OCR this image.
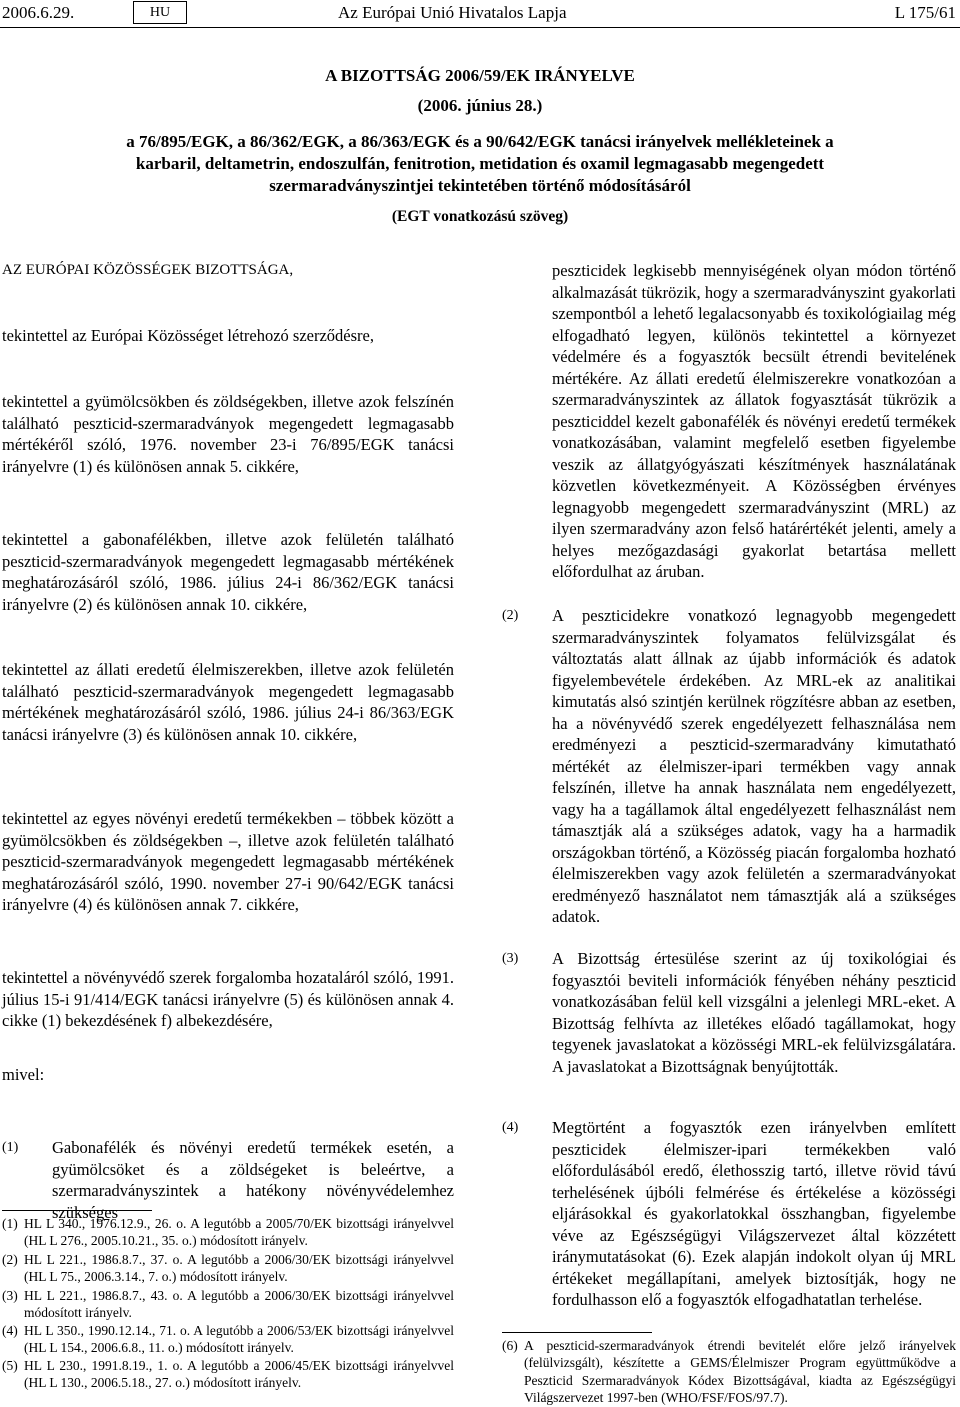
2006.6.29.	HU	Az Európai Unió Hivatalos Lapja	L 175/61
A BIZOTTSÁG 2006/59/EK IRÁNYELVE
(2006. június 28.)
a 76/895/EGK, a 86/362/EGK, a 86/363/EGK és a 90/642/EGK tanácsi irányelvek mellékleteinek a
karbaril, deltametrin, endoszulfán, fenitrotion, metidation és oxamil legmagasabb megengedett
szermaradványszintjei tekintetében történő módosításáról
(EGT vonatkozású szöveg)
AZ EURÓPAI KÖZÖSSÉGEK BIZOTTSÁGA,
tekintettel az Európai Közösséget létrehozó szerződésre,
tekintettel a gyümölcsökben és zöldségekben, illetve azok felszínén található peszticid-szermaradványok megengedett legmagasabb mértékéről szóló, 1976. november 23-i 76/895/EGK tanácsi irányelvre (1) és különösen annak 5. cikkére,
tekintettel a gabonafélékben, illetve azok felületén található peszticid-szermaradványok megengedett legmagasabb mértékének meghatározásáról szóló, 1986. július 24-i 86/362/EGK tanácsi irányelvre (2) és különösen annak 10. cikkére,
tekintettel az állati eredetű élelmiszerekben, illetve azok felületén található peszticid-szermaradványok megengedett legmagasabb mértékének meghatározásáról szóló, 1986. július 24-i 86/363/EGK tanácsi irányelvre (3) és különösen annak 10. cikkére,
tekintettel az egyes növényi eredetű termékekben – többek között a gyümölcsökben és zöldségekben –, illetve azok felületén található peszticid-szermaradványok megengedett legmagasabb mértékének meghatározásáról szóló, 1990. november 27-i 90/642/EGK tanácsi irányelvre (4) és különösen annak 7. cikkére,
tekintettel a növényvédő szerek forgalomba hozataláról szóló, 1991. július 15-i 91/414/EGK tanácsi irányelvre (5) és különösen annak 4. cikke (1) bekezdésének f) albekezdésére,
mivel:
(1) Gabonafélék és növényi eredetű termékek esetén, a gyümölcsöket és a zöldségeket is beleértve, a szermaradványszintek a hatékony növényvédelemhez szükséges
(1) HL L 340., 1976.12.9., 26. o. A legutóbb a 2005/70/EK bizottsági irányelvvel (HL L 276., 2005.10.21., 35. o.) módosított irányelv.
(2) HL L 221., 1986.8.7., 37. o. A legutóbb a 2006/30/EK bizottsági irányelvvel (HL L 75., 2006.3.14., 7. o.) módosított irányelv.
(3) HL L 221., 1986.8.7., 43. o. A legutóbb a 2006/30/EK bizottsági irányelvvel módosított irányelv.
(4) HL L 350., 1990.12.14., 71. o. A legutóbb a 2006/53/EK bizottsági irányelvvel (HL L 154., 2006.6.8., 11. o.) módosított irányelv.
(5) HL L 230., 1991.8.19., 1. o. A legutóbb a 2006/45/EK bizottsági irányelvvel (HL L 130., 2006.5.18., 27. o.) módosított irányelv.
peszticidek legkisebb mennyiségének olyan módon történő alkalmazását tükrözik, hogy a szermaradványszint gyakorlati szempontból a lehető legalacsonyabb és toxikológiailag még elfogadható legyen, különös tekintettel a környezet védelmére és a fogyasztók becsült étrendi bevitelének mértékére. Az állati eredetű élelmiszerekre vonatkozóan a szermaradványszintek az állatok fogyasztását tükrözik a peszticiddel kezelt gabonafélék és növényi eredetű termékek vonatkozásában, valamint megfelelő esetben figyelembe veszik az állatgyógyászati készítmények használatának közvetlen következményeit. A Közösségben érvényes legnagyobb megengedett szermaradványszint (MRL) az ilyen szermaradvány azon felső határértékét jelenti, amely a helyes mezőgazdasági gyakorlat betartása mellett előfordulhat az áruban.
(2) A peszticidekre vonatkozó legnagyobb megengedett szermaradványszintek folyamatos felülvizsgálat és változtatás alatt állnak az újabb információk és adatok figyelembevétele érdekében. Az MRL-ek az analitikai kimutatás alsó szintjén kerülnek rögzítésre abban az esetben, ha a növényvédő szerek engedélyezett felhasználása nem eredményezi a peszticid-szermaradvány kimutatható mértékét az élelmiszer-ipari termékben vagy annak felszínén, illetve ha annak használata nem engedélyezett, vagy ha a tagállamok által engedélyezett felhasználást nem támasztják alá a szükséges adatok, vagy ha a harmadik országokban történő, a Közösség piacán forgalomba hozható élelmiszerekben vagy azok felületén a szermaradványokat eredményező használatot nem támasztják alá a szükséges adatok.
(3) A Bizottság értesülése szerint az új toxikológiai és fogyasztói beviteli információk fényében néhány peszticid vonatkozásában felül kell vizsgálni a jelenlegi MRL-eket. A Bizottság felhívta az illetékes előadó tagállamokat, hogy tegyenek javaslatokat a közösségi MRL-ek felülvizsgálatára. A javaslatokat a Bizottságnak benyújtották.
(4) Megtörtént a fogyasztók ezen irányelvben említett peszticidek élelmiszer-ipari termékekben való előfordulásából eredő, élethosszig tartó, illetve rövid távú terhelésének újbóli felmérése és értékelése a közösségi eljárásokkal és gyakorlatokkal összhangban, figyelembe véve az Egészségügyi Világszervezet által közzétett iránymutatásokat (6). Ezek alapján indokolt olyan új MRL értékeket megállapítani, amelyek biztosítják, hogy ne fordulhasson elő a fogyasztók elfogadhatatlan terhelése.
(6) A peszticid-szermaradványok étrendi bevitelét előre jelző irányelvek (felülvizsgált), készítette a GEMS/Élelmiszer Program együttműködve a Peszticid Szermaradványok Kódex Bizottságával, kiadta az Egészségügyi Világszervezet 1997-ben (WHO/FSF/FOS/97.7).
